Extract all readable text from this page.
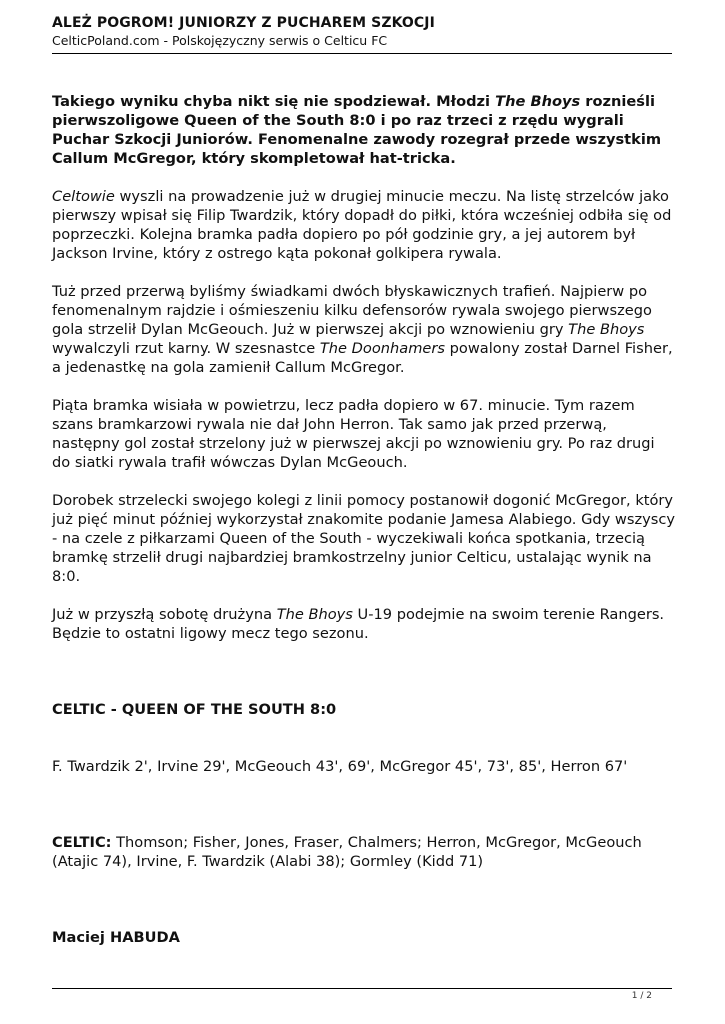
ALEŻ POGROM! JUNIORZY Z PUCHAREM SZKOCJI
CelticPoland.com - Polskojęzyczny serwis o Celticu FC

Takiego wyniku chyba nikt się nie spodziewał. Młodzi The Bhoys roznieśli pierwszoligowe Queen of the South 8:0 i po raz trzeci z rzędu wygrali Puchar Szkocji Juniorów. Fenomenalne zawody rozegrał przede wszystkim Callum McGregor, który skompletował hat-tricka.

Celtowie wyszli na prowadzenie już w drugiej minucie meczu. Na listę strzelców jako pierwszy wpisał się Filip Twardzik, który dopadł do piłki, która wcześniej odbiła się od poprzeczki. Kolejna bramka padła dopiero po pół godzinie gry, a jej autorem był Jackson Irvine, który z ostrego kąta pokonał golkipera rywala.

Tuż przed przerwą byliśmy świadkami dwóch błyskawicznych trafień. Najpierw po fenomenalnym rajdzie i ośmieszeniu kilku defensorów rywala swojego pierwszego gola strzelił Dylan McGeouch. Już w pierwszej akcji po wznowieniu gry The Bhoys wywalczyli rzut karny. W szesnastce The Doonhamers powalony został Darnel Fisher, a jedenastkę na gola zamienił Callum McGregor.

Piąta bramka wisiała w powietrzu, lecz padła dopiero w 67. minucie. Tym razem szans bramkarzowi rywala nie dał John Herron. Tak samo jak przed przerwą, następny gol został strzelony już w pierwszej akcji po wznowieniu gry. Po raz drugi do siatki rywala trafił wówczas Dylan McGeouch.

Dorobek strzelecki swojego kolegi z linii pomocy postanowił dogonić McGregor, który już pięć minut później wykorzystał znakomite podanie Jamesa Alabiego. Gdy wszyscy - na czele z piłkarzami Queen of the South - wyczekiwali końca spotkania, trzecią bramkę strzelił drugi najbardziej bramkostrzelny junior Celticu, ustalając wynik na 8:0.

Już w przyszłą sobotę drużyna The Bhoys U-19 podejmie na swoim terenie Rangers. Będzie to ostatni ligowy mecz tego sezonu.

CELTIC - QUEEN OF THE SOUTH 8:0

F. Twardzik 2', Irvine 29', McGeouch 43', 69', McGregor 45', 73', 85', Herron 67'

CELTIC: Thomson; Fisher, Jones, Fraser, Chalmers; Herron, McGregor, McGeouch (Atajic 74), Irvine, F. Twardzik (Alabi 38); Gormley (Kidd 71)

Maciej HABUDA

1 / 2
